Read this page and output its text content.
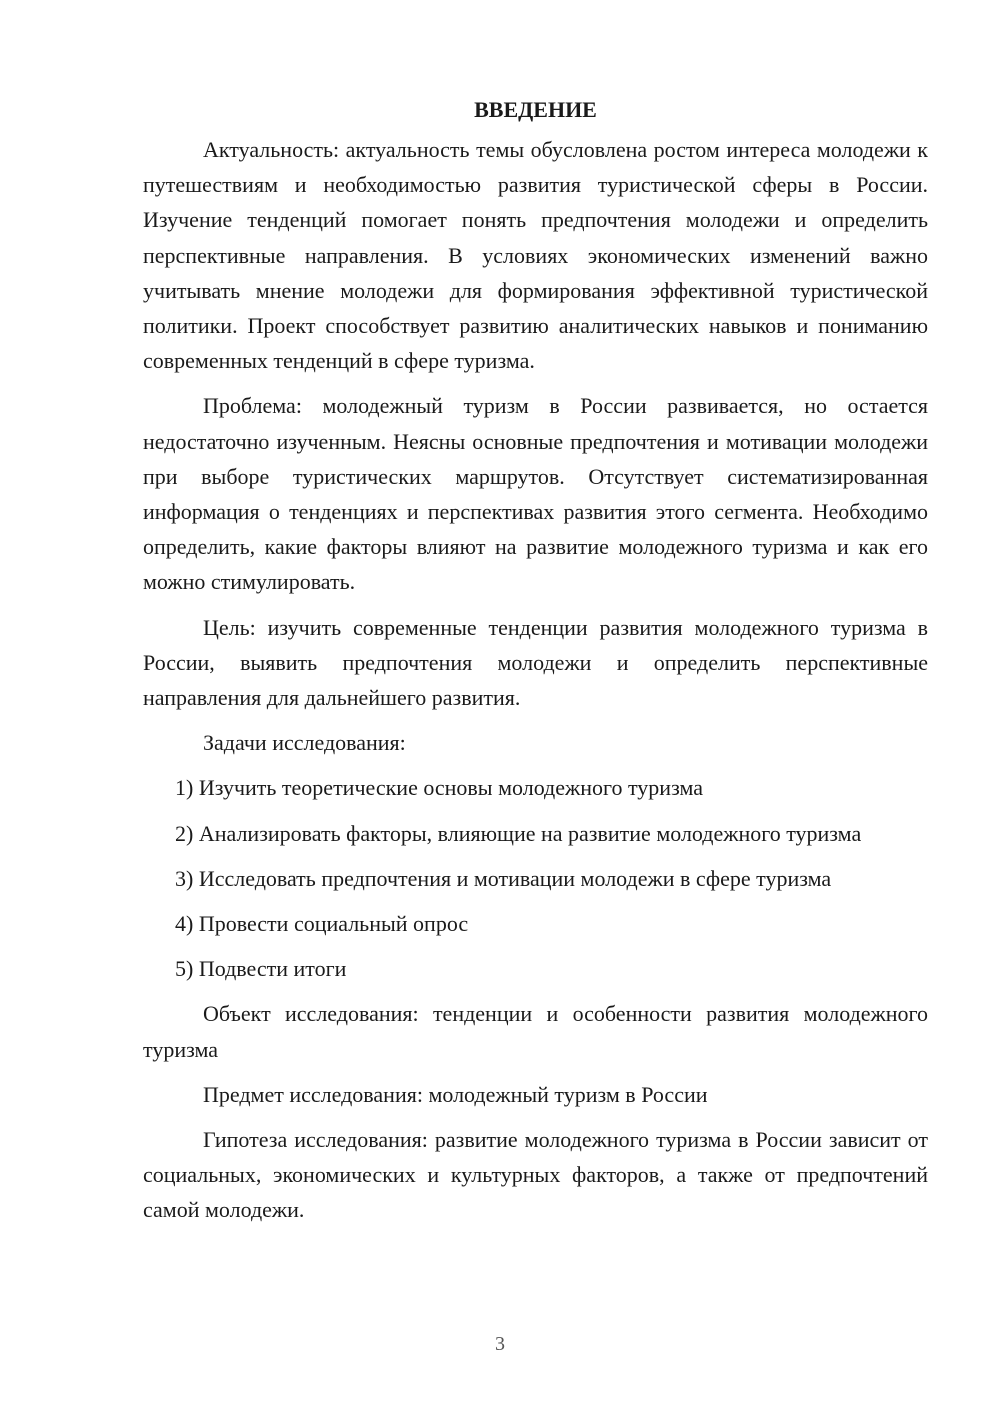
ВВЕДЕНИЕ

Актуальность: актуальность темы обусловлена ростом интереса молодежи к путешествиям и необходимостью развития туристической сферы в России. Изучение тенденций помогает понять предпочтения молодежи и определить перспективные направления. В условиях экономических изменений важно учитывать мнение молодежи для формирования эффективной туристической политики. Проект способствует развитию аналитических навыков и пониманию современных тенденций в сфере туризма.

Проблема: молодежный туризм в России развивается, но остается недостаточно изученным. Неясны основные предпочтения и мотивации молодежи при выборе туристических маршрутов. Отсутствует систематизированная информация о тенденциях и перспективах развития этого сегмента. Необходимо определить, какие факторы влияют на развитие молодежного туризма и как его можно стимулировать.

Цель: изучить современные тенденции развития молодежного туризма в России, выявить предпочтения молодежи и определить перспективные направления для дальнейшего развития.

Задачи исследования:

1) Изучить теоретические основы молодежного туризма

2) Анализировать факторы, влияющие на развитие молодежного туризма

3) Исследовать предпочтения и мотивации молодежи в сфере туризма

4) Провести социальный опрос

5) Подвести итоги

Объект исследования: тенденции и особенности развития молодежного туризма

Предмет исследования: молодежный туризм в России

Гипотеза исследования: развитие молодежного туризма в России зависит от социальных, экономических и культурных факторов, а также от предпочтений самой молодежи.

3
